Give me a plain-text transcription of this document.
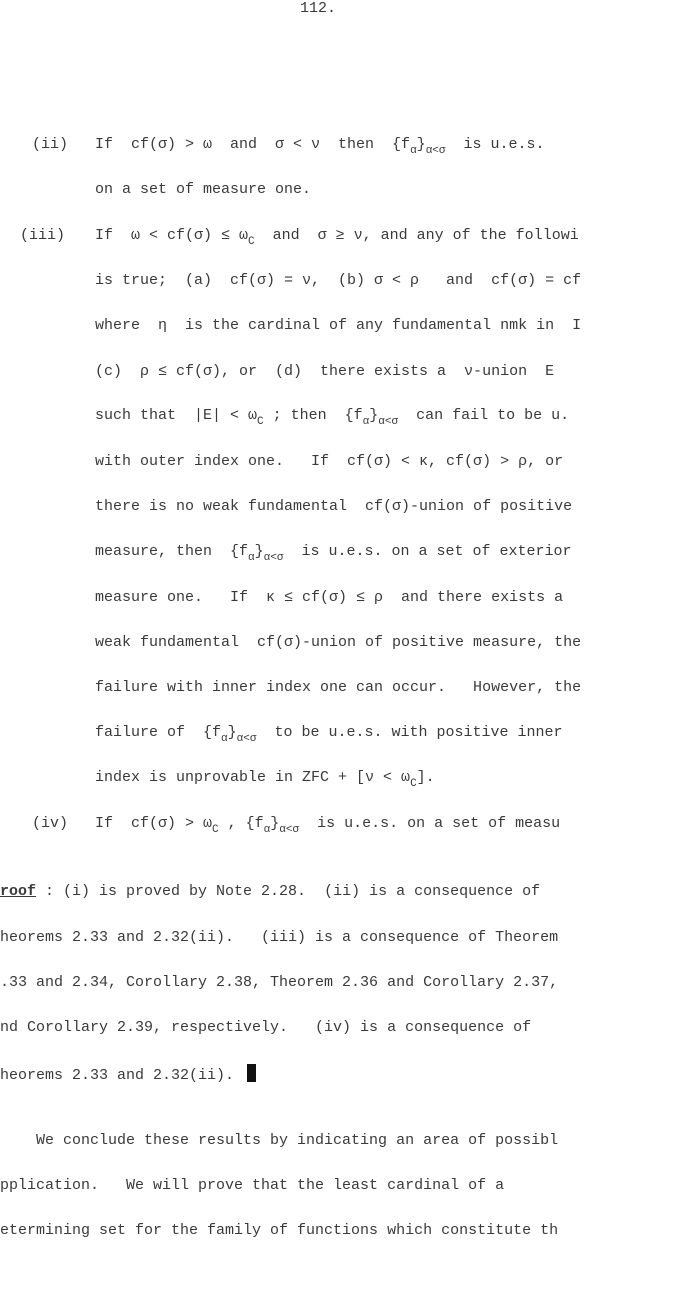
112.
(ii) If  cf(σ) > ω  and  σ < ν  then  $\{f_\alpha\}_{\alpha<\sigma}$  is u.e.s.
on a set of measure one.
(iii) If  $\omega < cf(\sigma) \le \omega_C$  and  σ ≥ ν, and any of the followi
is true;  (a)  cf(σ) = ν,  (b) σ < ρ   and  cf(σ) = cf
where  η  is the cardinal of any fundamental nmk in  I
(c)  ρ ≤ cf(σ), or  (d)  there exists a  ν-union  E
such that  $|E| < \omega_C$ ; then  $\{f_\alpha\}_{\alpha<\sigma}$  can fail to be u.
with outer index one.   If  cf(σ) < κ, cf(σ) > ρ, or
there is no weak fundamental  cf(σ)-union of positive
measure, then  $\{f_\alpha\}_{\alpha<\sigma}$  is u.e.s. on a set of exterior
measure one.   If  κ ≤ cf(σ) ≤ ρ  and there exists a
weak fundamental  cf(σ)-union of positive measure, the
failure with inner index one can occur.   However, the
failure of  $\{f_\alpha\}_{\alpha<\sigma}$  to be u.e.s. with positive inner
index is unprovable in ZFC + $[\nu < \omega_C]$.
(iv) If  $cf(\sigma) > \omega_C$ , $\{f_\alpha\}_{\alpha<\sigma}$  is u.e.s. on a set of measu
roof : (i) is proved by Note 2.28.  (ii) is a consequence of
heorems 2.33 and 2.32(ii).   (iii) is a consequence of Theorem
.33 and 2.34, Corollary 2.38, Theorem 2.36 and Corollary 2.37,
nd Corollary 2.39, respectively.   (iv) is a consequence of
heorems 2.33 and 2.32(ii).
We conclude these results by indicating an area of possibl
pplication.   We will prove that the least cardinal of a
etermining set for the family of functions which constitute th
